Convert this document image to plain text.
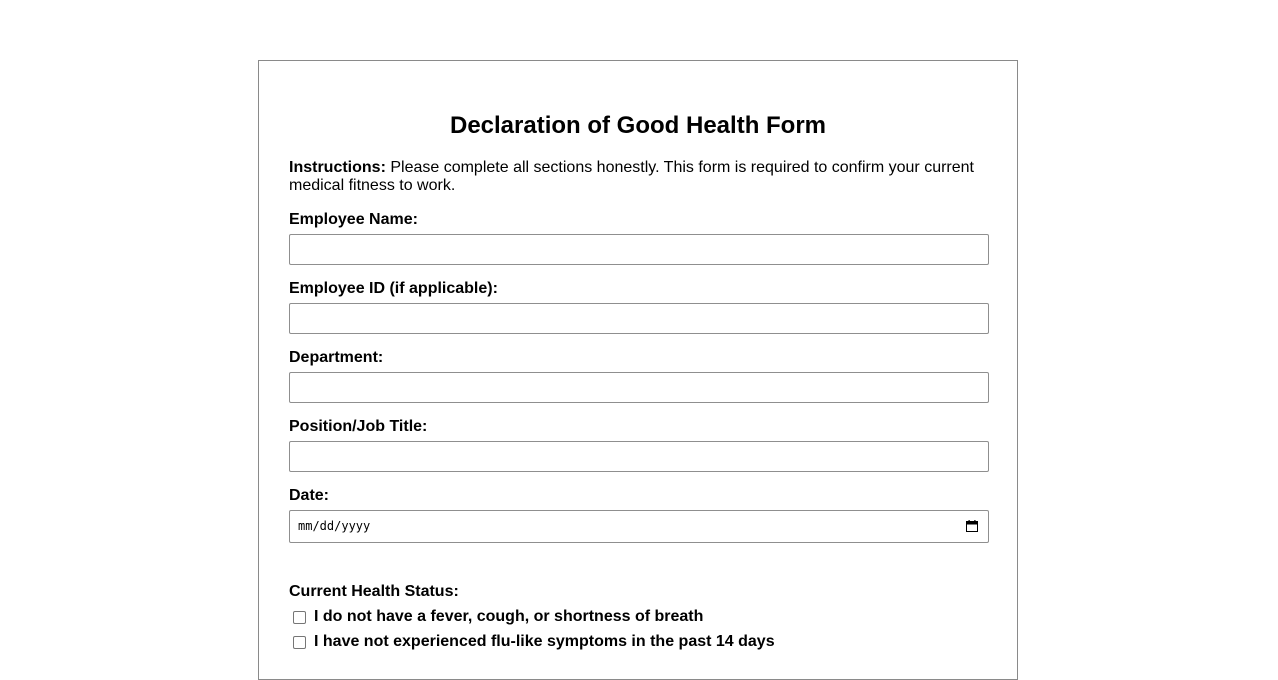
Declaration of Good Health Form

Instructions: Please complete all sections honestly. This form is required to confirm your current medical fitness to work.

Employee Name:
Employee ID (if applicable):
Department:
Position/Job Title:
Date:
mm/dd/yyyy
Current Health Status:
I do not have a fever, cough, or shortness of breath
I have not experienced flu-like symptoms in the past 14 days
